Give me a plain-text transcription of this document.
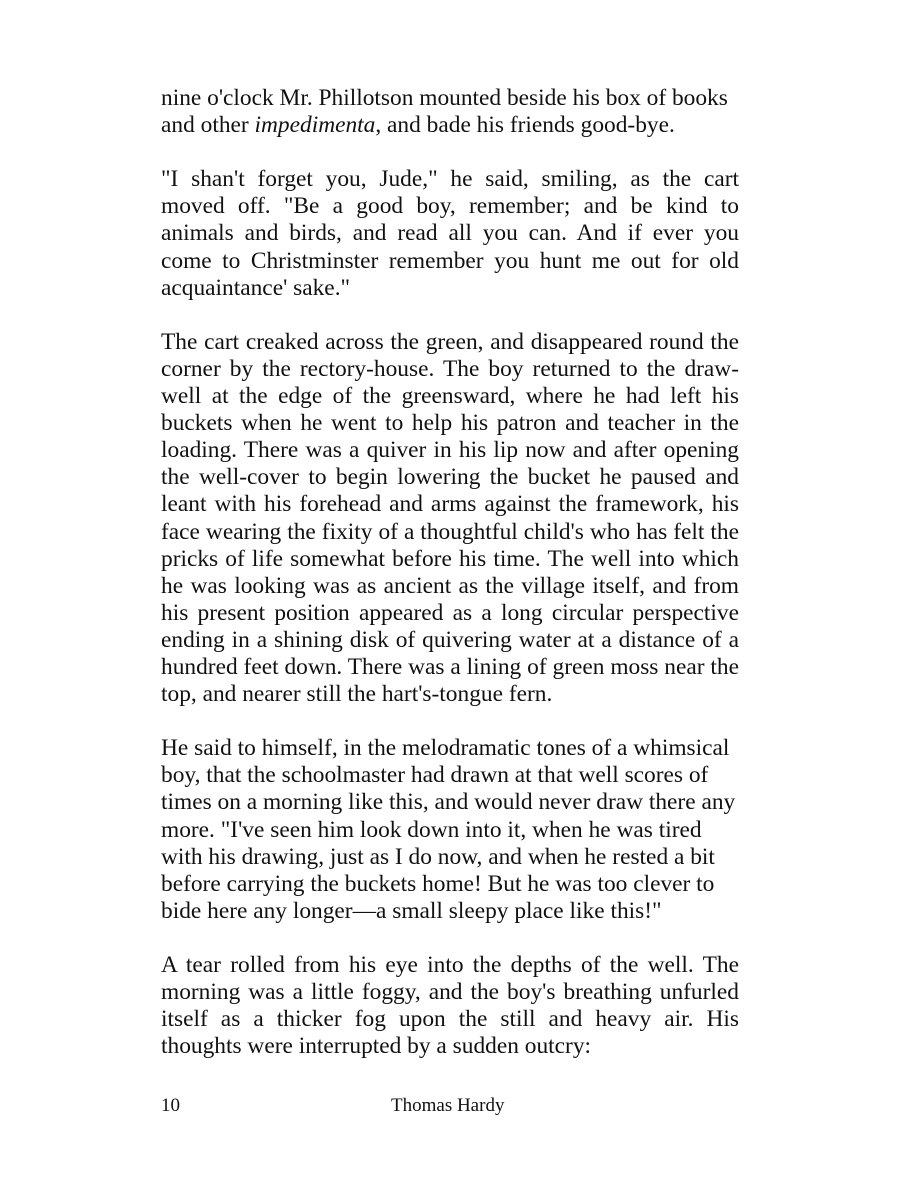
nine o'clock Mr. Phillotson mounted beside his box of books and other impedimenta, and bade his friends good-bye.

"I shan't forget you, Jude," he said, smiling, as the cart moved off. "Be a good boy, remember; and be kind to animals and birds, and read all you can. And if ever you come to Christminster remember you hunt me out for old acquaintance' sake."

The cart creaked across the green, and disappeared round the corner by the rectory-house. The boy returned to the draw-well at the edge of the greensward, where he had left his buckets when he went to help his patron and teacher in the loading. There was a quiver in his lip now and after opening the well-cover to begin lowering the bucket he paused and leant with his forehead and arms against the framework, his face wearing the fixity of a thoughtful child's who has felt the pricks of life somewhat before his time. The well into which he was looking was as ancient as the village itself, and from his present position appeared as a long circular perspective ending in a shining disk of quivering water at a distance of a hundred feet down. There was a lining of green moss near the top, and nearer still the hart's-tongue fern.

He said to himself, in the melodramatic tones of a whimsical boy, that the schoolmaster had drawn at that well scores of times on a morning like this, and would never draw there any more. "I've seen him look down into it, when he was tired with his drawing, just as I do now, and when he rested a bit before carrying the buckets home! But he was too clever to bide here any longer—a small sleepy place like this!"

A tear rolled from his eye into the depths of the well. The morning was a little foggy, and the boy's breathing unfurled itself as a thicker fog upon the still and heavy air. His thoughts were interrupted by a sudden outcry:

10	Thomas Hardy
